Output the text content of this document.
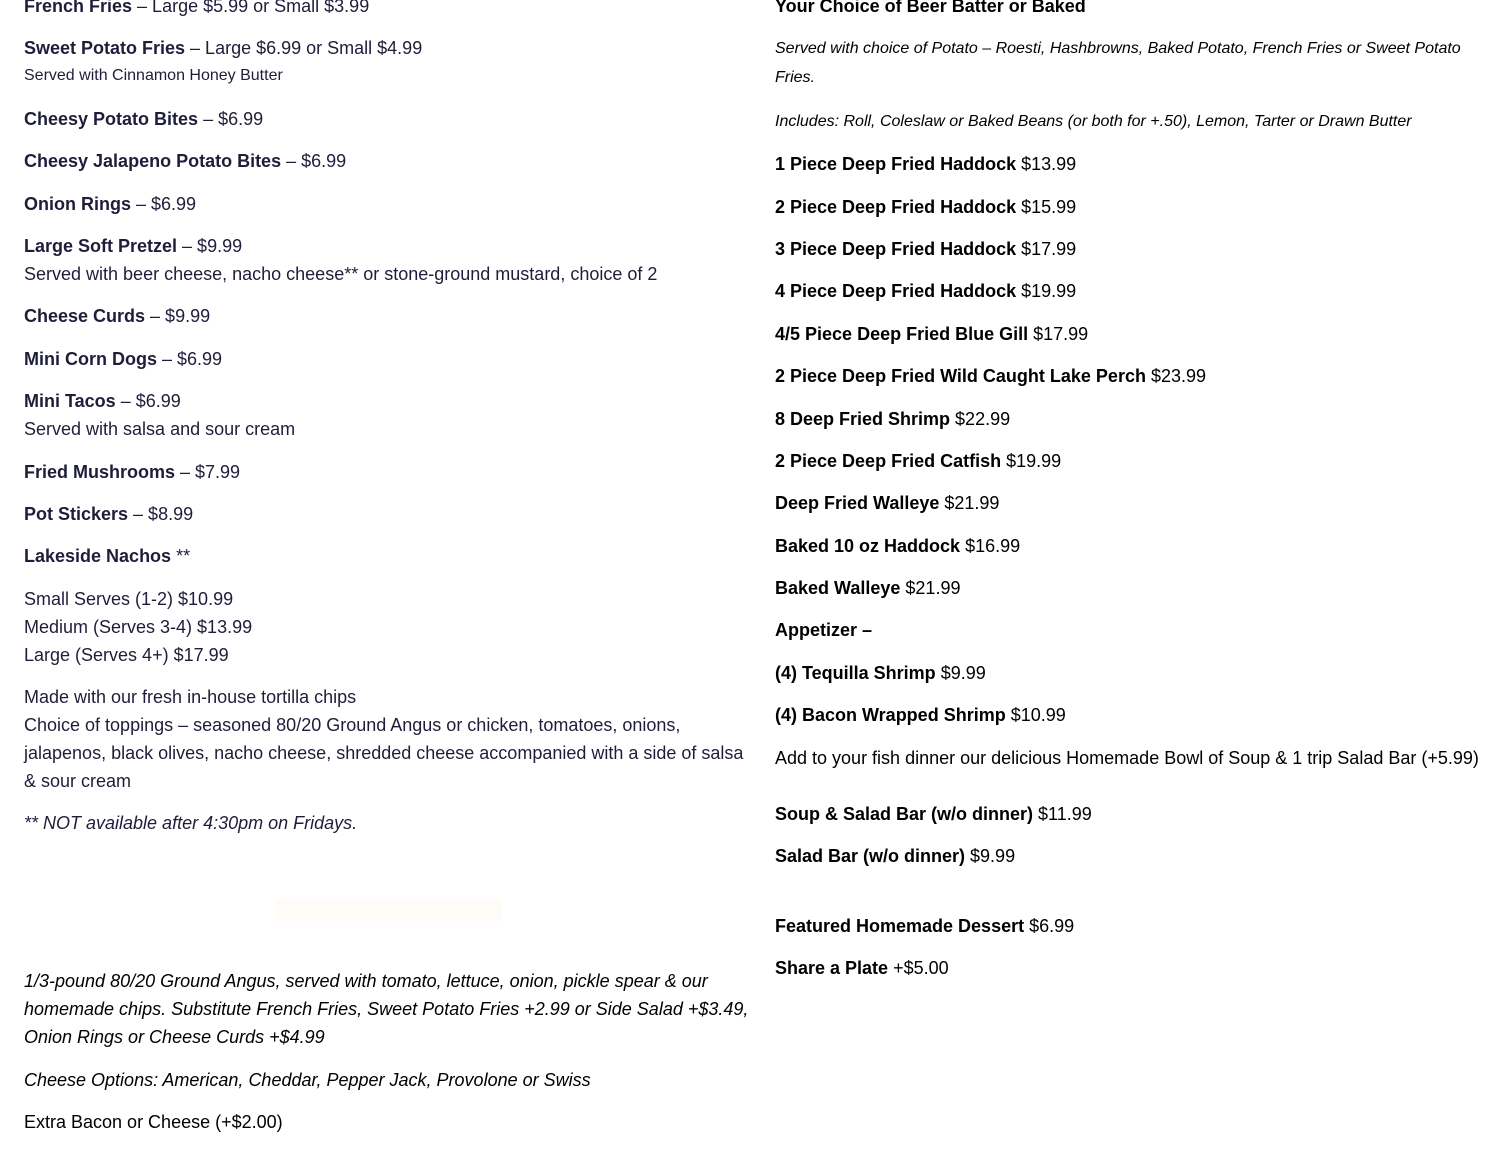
French Fries – Large $5.99 or Small $3.99
Sweet Potato Fries – Large $6.99 or Small $4.99
Served with Cinnamon Honey Butter
Cheesy Potato Bites – $6.99
Cheesy Jalapeno Potato Bites – $6.99
Onion Rings – $6.99
Large Soft Pretzel – $9.99
Served with beer cheese, nacho cheese** or stone-ground mustard, choice of 2
Cheese Curds – $9.99
Mini Corn Dogs – $6.99
Mini Tacos – $6.99
Served with salsa and sour cream
Fried Mushrooms – $7.99
Pot Stickers – $8.99
Lakeside Nachos **
Small Serves (1-2) $10.99
Medium (Serves 3-4) $13.99
Large (Serves 4+) $17.99
Made with our fresh in-house tortilla chips
Choice of toppings – seasoned 80/20 Ground Angus or chicken, tomatoes, onions, jalapenos, black olives, nacho cheese, shredded cheese accompanied with a side of salsa & sour cream
** NOT available after 4:30pm on Fridays.
1/3-pound 80/20 Ground Angus, served with tomato, lettuce, onion, pickle spear & our homemade chips. Substitute French Fries, Sweet Potato Fries +2.99 or Side Salad +$3.49, Onion Rings or Cheese Curds +$4.99
Cheese Options: American, Cheddar, Pepper Jack, Provolone or Swiss
Extra Bacon or Cheese (+$2.00)
Your Choice of Beer Batter or Baked
Served with choice of Potato – Roesti, Hashbrowns, Baked Potato, French Fries or Sweet Potato Fries.
Includes: Roll, Coleslaw or Baked Beans (or both for +.50), Lemon, Tarter or Drawn Butter
1 Piece Deep Fried Haddock $13.99
2 Piece Deep Fried Haddock $15.99
3 Piece Deep Fried Haddock $17.99
4 Piece Deep Fried Haddock $19.99
4/5 Piece Deep Fried Blue Gill $17.99
2 Piece Deep Fried Wild Caught Lake Perch $23.99
8 Deep Fried Shrimp $22.99
2 Piece Deep Fried Catfish $19.99
Deep Fried Walleye $21.99
Baked 10 oz Haddock $16.99
Baked Walleye $21.99
Appetizer –
(4) Tequilla Shrimp $9.99
(4) Bacon Wrapped Shrimp $10.99
Add to your fish dinner our delicious Homemade Bowl of Soup & 1 trip Salad Bar (+5.99)
Soup & Salad Bar (w/o dinner) $11.99
Salad Bar (w/o dinner) $9.99
Featured Homemade Dessert $6.99
Share a Plate +$5.00
